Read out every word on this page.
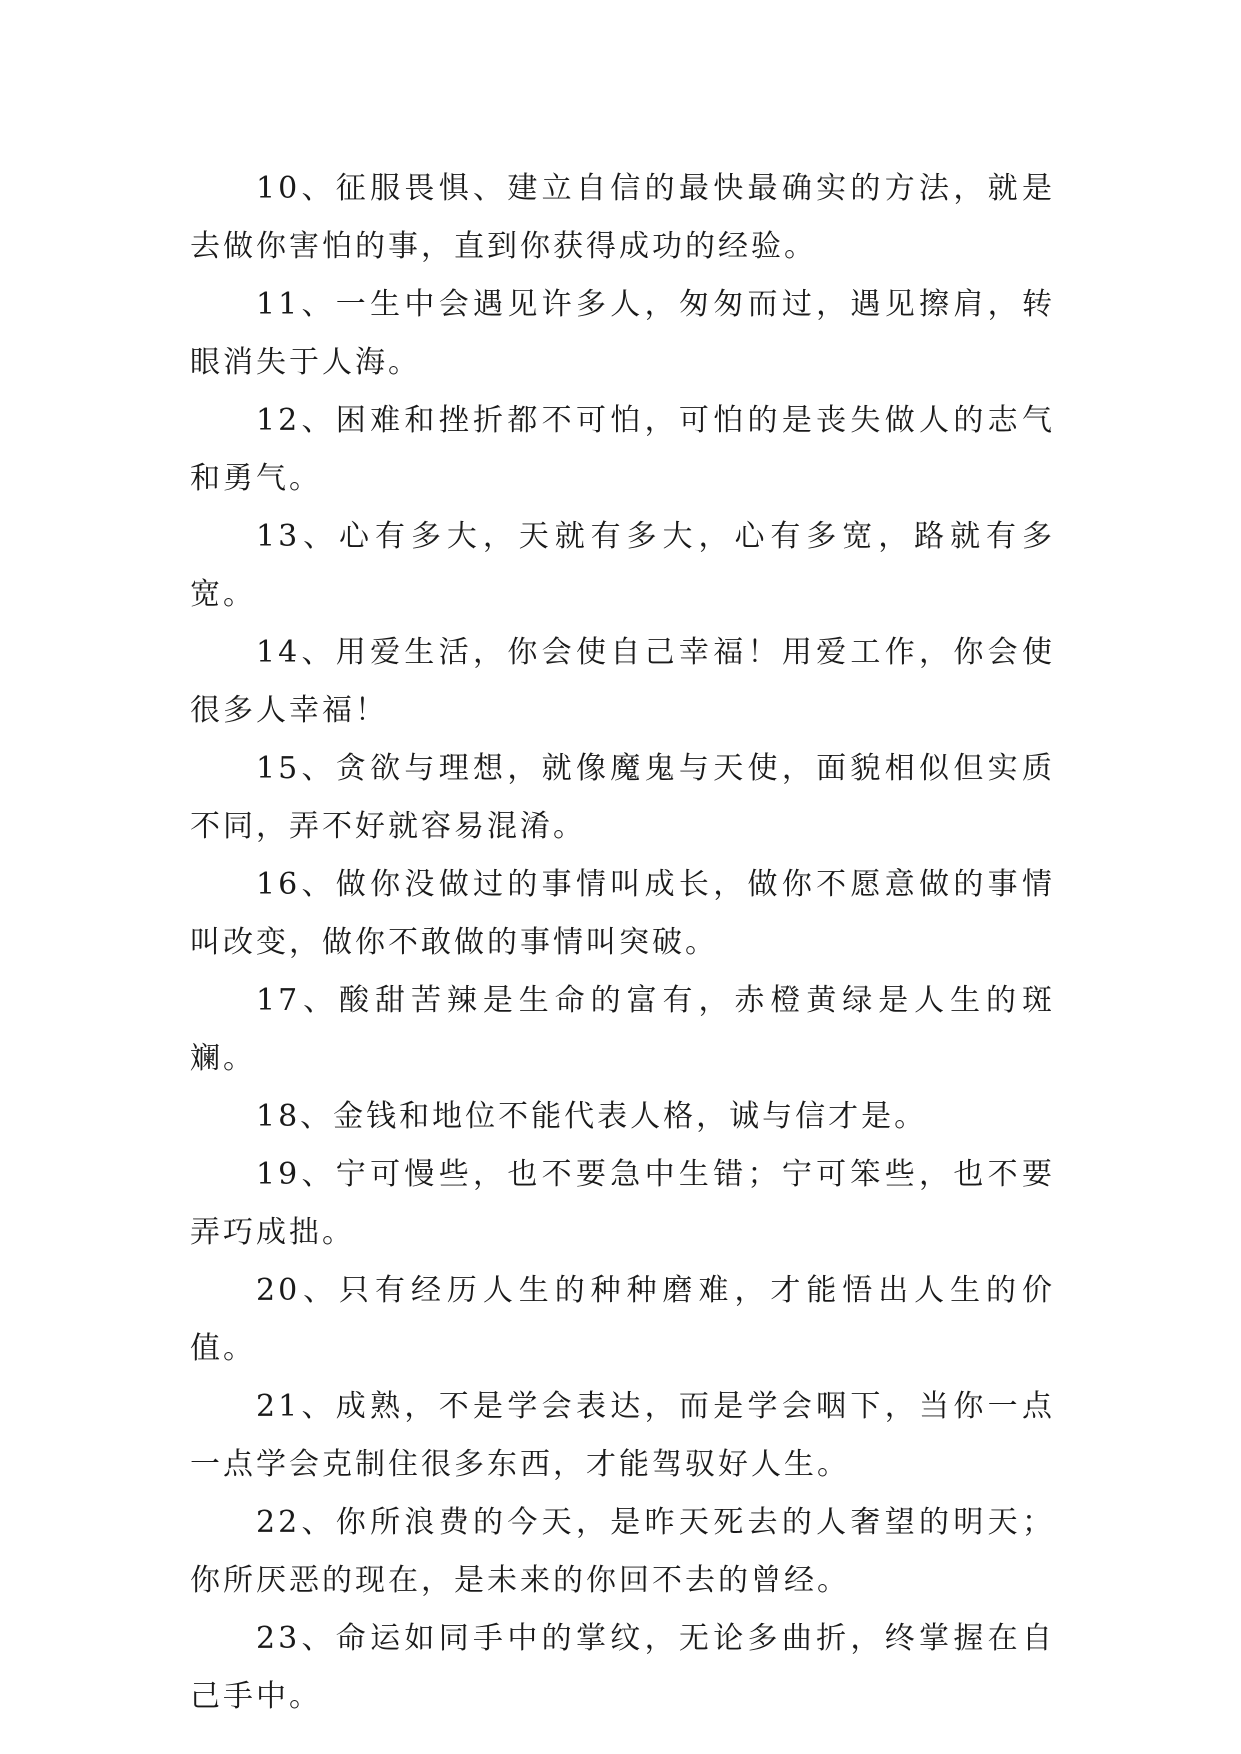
10、征服畏惧、建立自信的最快最确实的方法，就是去做你害怕的事，直到你获得成功的经验。

11、一生中会遇见许多人，匆匆而过，遇见擦肩，转眼消失于人海。

12、困难和挫折都不可怕，可怕的是丧失做人的志气和勇气。

13、心有多大，天就有多大，心有多宽，路就有多宽。

14、用爱生活，你会使自己幸福！用爱工作，你会使很多人幸福！

15、贪欲与理想，就像魔鬼与天使，面貌相似但实质不同，弄不好就容易混淆。

16、做你没做过的事情叫成长，做你不愿意做的事情叫改变，做你不敢做的事情叫突破。

17、酸甜苦辣是生命的富有，赤橙黄绿是人生的斑斓。

18、金钱和地位不能代表人格，诚与信才是。

19、宁可慢些，也不要急中生错；宁可笨些，也不要弄巧成拙。

20、只有经历人生的种种磨难，才能悟出人生的价值。

21、成熟，不是学会表达，而是学会咽下，当你一点一点学会克制住很多东西，才能驾驭好人生。

22、你所浪费的今天，是昨天死去的人奢望的明天；你所厌恶的现在，是未来的你回不去的曾经。

23、命运如同手中的掌纹，无论多曲折，终掌握在自己手中。
